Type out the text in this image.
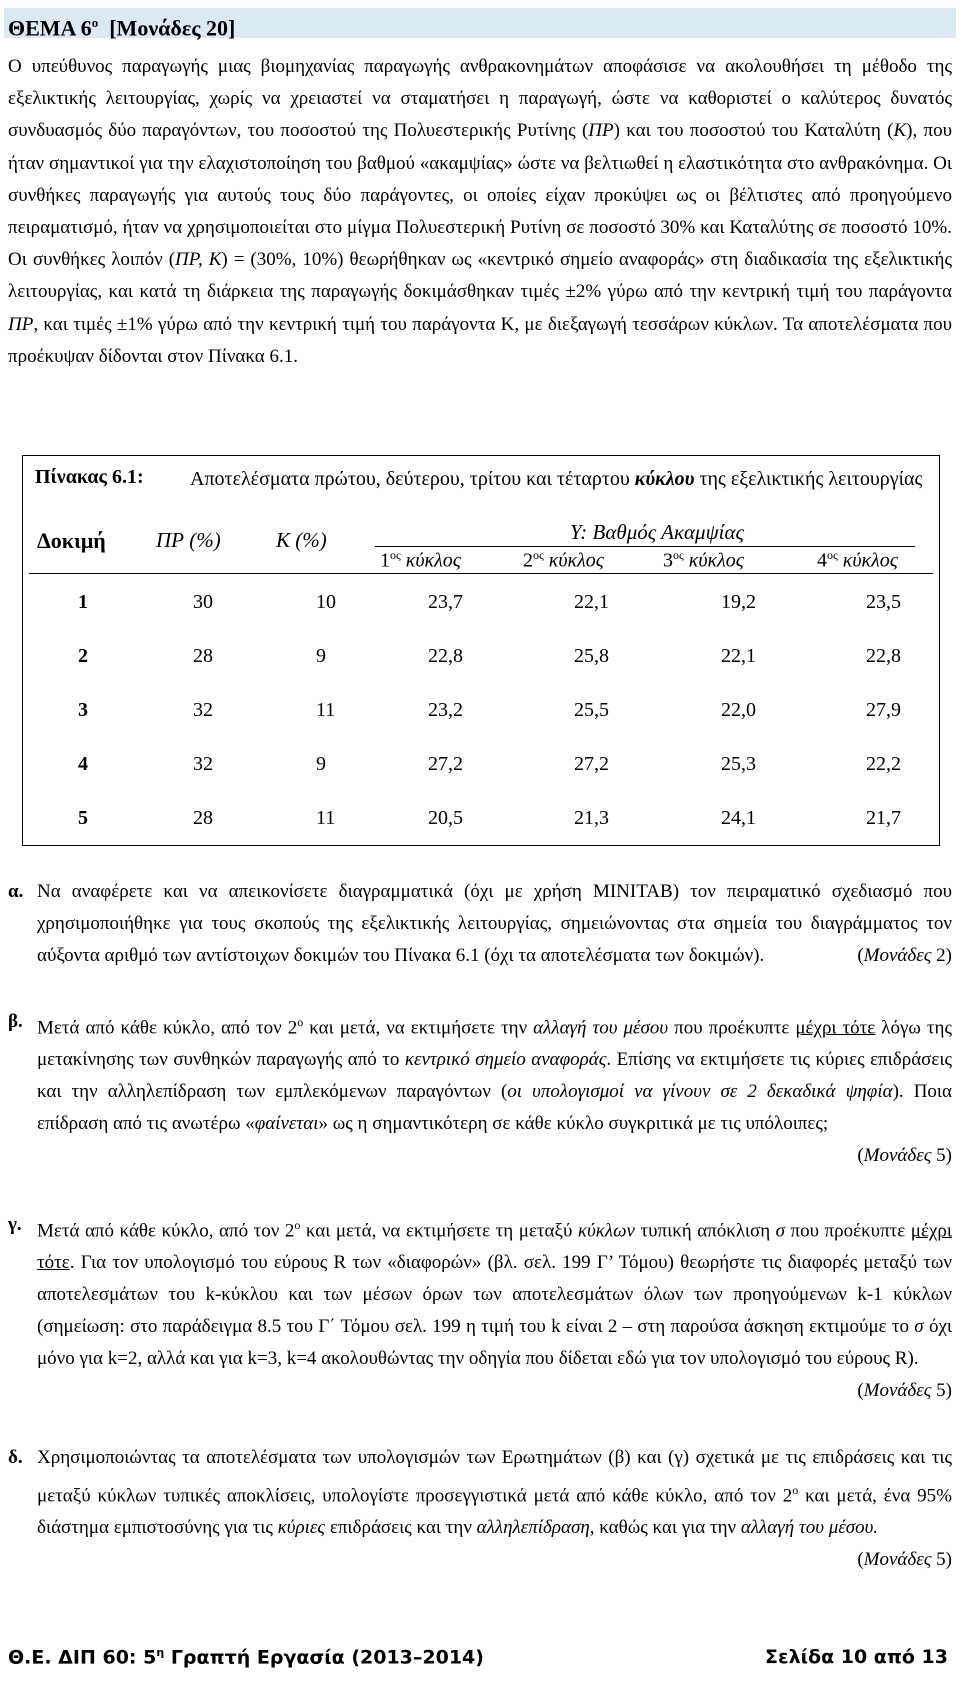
ΘΕΜΑ $6^o$ [Μονάδες 20]
Ο υπεύθυνος παραγωγής μιας βιομηχανίας παραγωγής ανθρακονημάτων αποφάσισε να ακολουθήσει τη μέθοδο της εξελικτικής λειτουργίας, χωρίς να χρειαστεί να σταματήσει η παραγωγή, ώστε να καθοριστεί ο καλύτερος δυνατός συνδυασμός δύο παραγόντων, του ποσοστού της Πολυεστερικής Ρυτίνης (ΠΡ) και του ποσοστού του Καταλύτη (Κ), που ήταν σημαντικοί για την ελαχιστοποίηση του βαθμού «ακαμψίας» ώστε να βελτιωθεί η ελαστικότητα στο ανθρακόνημα. Οι συνθήκες παραγωγής για αυτούς τους δύο παράγοντες, οι οποίες είχαν προκύψει ως οι βέλτιστες από προηγούμενο πειραματισμό, ήταν να χρησιμοποιείται στο μίγμα Πολυεστερική Ρυτίνη σε ποσοστό 30% και Καταλύτης σε ποσοστό 10%. Οι συνθήκες λοιπόν (ΠΡ, Κ) = (30%, 10%) θεωρήθηκαν ως «κεντρικό σημείο αναφοράς» στη διαδικασία της εξελικτικής λειτουργίας, και κατά τη διάρκεια της παραγωγής δοκιμάσθηκαν τιμές ±2% γύρω από την κεντρική τιμή του παράγοντα ΠΡ, και τιμές ±1% γύρω από την κεντρική τιμή του παράγοντα Κ, με διεξαγωγή τεσσάρων κύκλων. Τα αποτελέσματα που προέκυψαν δίδονται στον Πίνακα 6.1.
Πίνακας 6.1: Αποτελέσματα πρώτου, δεύτερου, τρίτου και τέταρτου κύκλου της εξελικτικής λειτουργίας
Δοκιμή ΠΡ (%)	Κ (%)	Y: Βαθμός Ακαμψίας
$1^{o\varsigma}$ κύκλος	$2^{o\varsigma}$ κύκλος	$3^{o\varsigma}$ κύκλος	$4^{o\varsigma}$ κύκλος
1	30	10	23,7	22,1	19,2	23,5
2	28	9	22,8	25,8	22,1	22,8
3	32	11	23,2	25,5	22,0	27,9
4	32	9	27,2	27,2	25,3	22,2
5	28	11	20,5	21,3	24,1	21,7
α. Να αναφέρετε και να απεικονίσετε διαγραμματικά (όχι με χρήση MINITAB) τον πειραματικό σχεδιασμό που χρησιμοποιήθηκε για τους σκοπούς της εξελικτικής λειτουργίας, σημειώνοντας στα σημεία του διαγράμματος τον αύξοντα αριθμό των αντίστοιχων δοκιμών του Πίνακα 6.1 (όχι τα αποτελέσματα των δοκιμών).	(Μονάδες 2)
β. Μετά από κάθε κύκλο, από τον $2^o$ και μετά, να εκτιμήσετε την αλλαγή του μέσου που προέκυπτε μέχρι τότε λόγω της μετακίνησης των συνθηκών παραγωγής από το κεντρικό σημείο αναφοράς. Επίσης να εκτιμήσετε τις κύριες επιδράσεις και την αλληλεπίδραση των εμπλεκόμενων παραγόντων (οι υπολογισμοί να γίνουν σε 2 δεκαδικά ψηφία). Ποια επίδραση από τις ανωτέρω «φαίνεται» ως η σημαντικότερη σε κάθε κύκλο συγκριτικά με τις υπόλοιπες;

(Μονάδες 5)
γ. Μετά από κάθε κύκλο, από τον $2^o$ και μετά, να εκτιμήσετε τη μεταξύ κύκλων τυπική απόκλιση σ που προέκυπτε μέχρι τότε. Για τον υπολογισμό του εύρους R των «διαφορών» (βλ. σελ. 199 Γ’ Τόμου) θεωρήστε τις διαφορές μεταξύ των αποτελεσμάτων του k-κύκλου και των μέσων όρων των αποτελεσμάτων όλων των προηγούμενων k-1 κύκλων (σημείωση: στο παράδειγμα 8.5 του Γ΄ Τόμου σελ. 199 η τιμή του k είναι 2 – στη παρούσα άσκηση εκτιμούμε το σ όχι μόνο για k=2, αλλά και για k=3, k=4 ακολουθώντας την οδηγία που δίδεται εδώ για τον υπολογισμό του εύρους R).
(Μονάδες 5)
δ. Χρησιμοποιώντας τα αποτελέσματα των υπολογισμών των Ερωτημάτων (β) και (γ) σχετικά με τις επιδράσεις και τις μεταξύ κύκλων τυπικές αποκλίσεις, υπολογίστε προσεγγιστικά μετά από κάθε κύκλο, από τον $2^o$ και μετά, ένα 95% διάστημα εμπιστοσύνης για τις κύριες επιδράσεις και την αλληλεπίδραση, καθώς και για την αλλαγή του μέσου.
(Μονάδες 5)
Θ.Ε. ΔΙΠ 60: $5^\eta$ Γραπτή Εργασία (2013–2014)	Σελίδα 10 από 13
